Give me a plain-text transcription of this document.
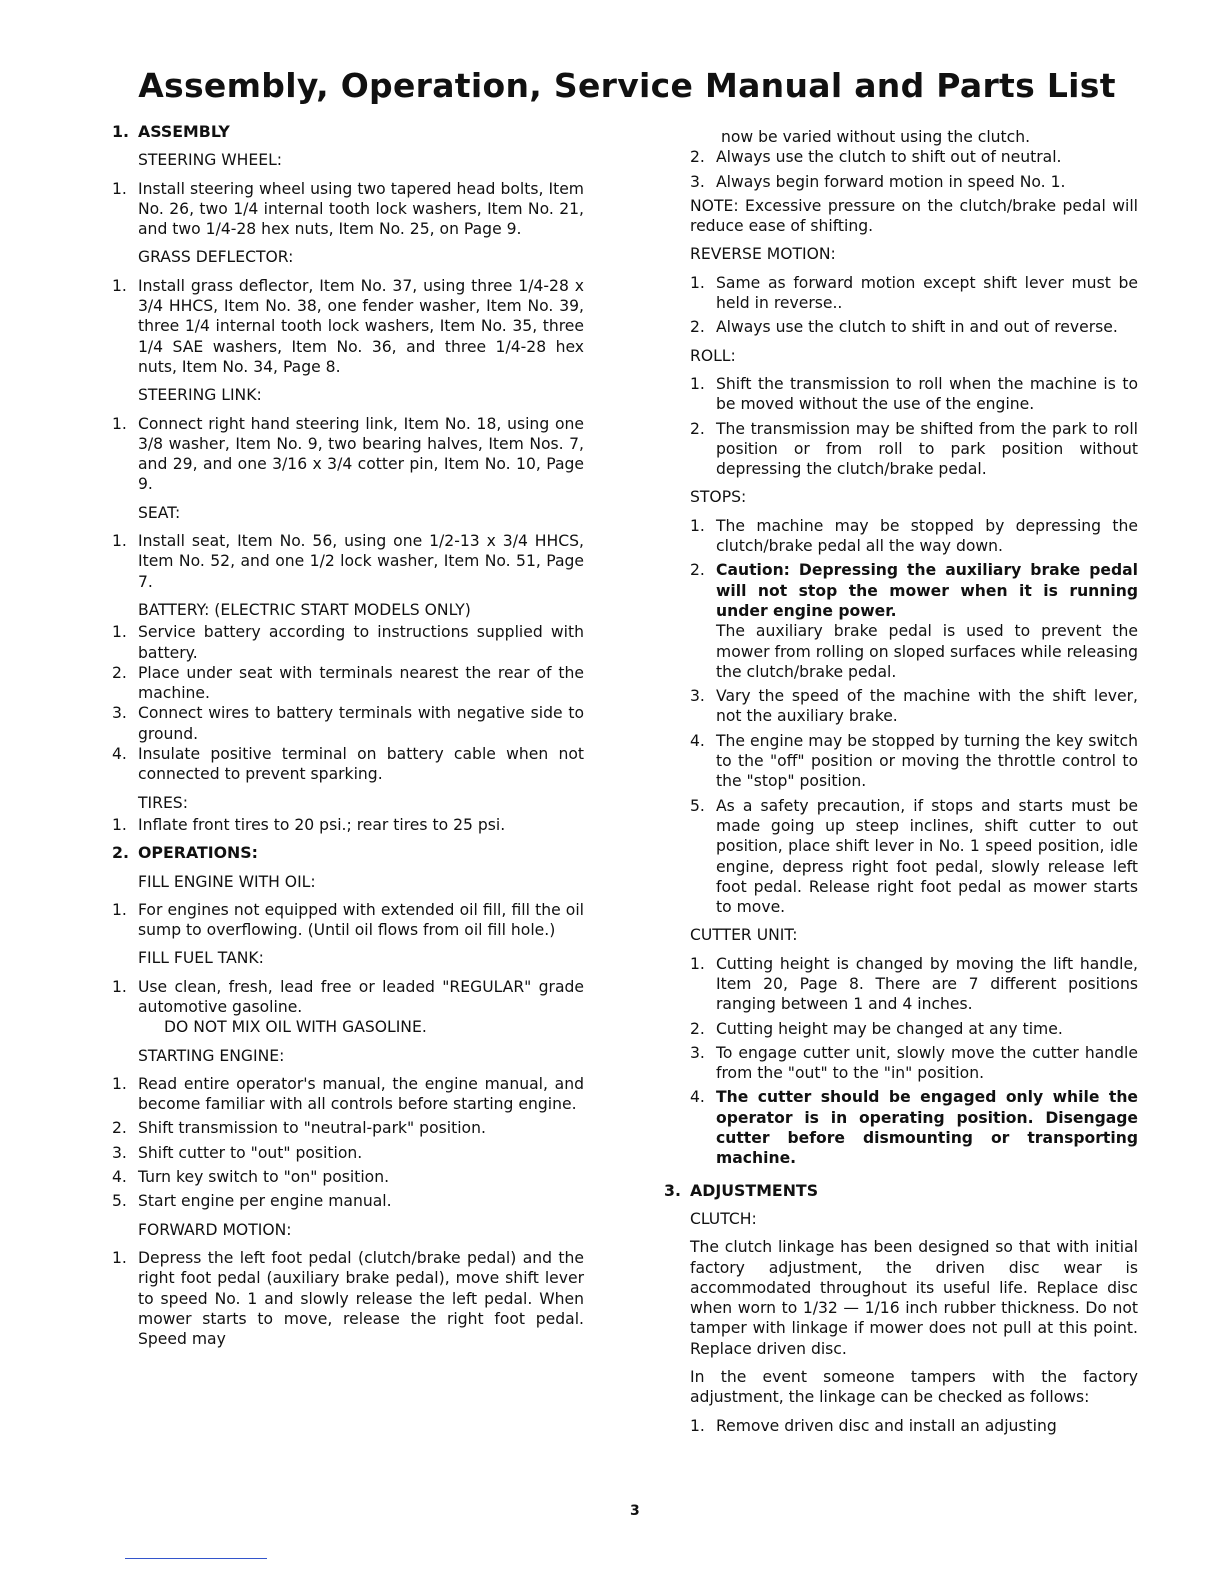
Assembly, Operation, Service Manual and Parts List
1. ASSEMBLY
STEERING WHEEL:
1. Install steering wheel using two tapered head bolts, Item No. 26, two 1/4 internal tooth lock washers, Item No. 21, and two 1/4-28 hex nuts, Item No. 25, on Page 9.
GRASS DEFLECTOR:
1. Install grass deflector, Item No. 37, using three 1/4-28 x 3/4 HHCS, Item No. 38, one fender washer, Item No. 39, three 1/4 internal tooth lock washers, Item No. 35, three 1/4 SAE washers, Item No. 36, and three 1/4-28 hex nuts, Item No. 34, Page 8.
STEERING LINK:
1. Connect right hand steering link, Item No. 18, using one 3/8 washer, Item No. 9, two bearing halves, Item Nos. 7, and 29, and one 3/16 x 3/4 cotter pin, Item No. 10, Page 9.
SEAT:
1. Install seat, Item No. 56, using one 1/2-13 x 3/4 HHCS, Item No. 52, and one 1/2 lock washer, Item No. 51, Page 7.
BATTERY: (ELECTRIC START MODELS ONLY)
1. Service battery according to instructions supplied with battery.
2. Place under seat with terminals nearest the rear of the machine.
3. Connect wires to battery terminals with negative side to ground.
4. Insulate positive terminal on battery cable when not connected to prevent sparking.
TIRES:
1. Inflate front tires to 20 psi.; rear tires to 25 psi.
2. OPERATIONS:
FILL ENGINE WITH OIL:
1. For engines not equipped with extended oil fill, fill the oil sump to overflowing. (Until oil flows from oil fill hole.)
FILL FUEL TANK:
1. Use clean, fresh, lead free or leaded "REGULAR" grade automotive gasoline.
DO NOT MIX OIL WITH GASOLINE.
STARTING ENGINE:
1. Read entire operator's manual, the engine manual, and become familiar with all controls before starting engine.
2. Shift transmission to "neutral-park" position.
3. Shift cutter to "out" position.
4. Turn key switch to "on" position.
5. Start engine per engine manual.
FORWARD MOTION:
1. Depress the left foot pedal (clutch/brake pedal) and the right foot pedal (auxiliary brake pedal), move shift lever to speed No. 1 and slowly release the left pedal. When mower starts to move, release the right foot pedal. Speed may
now be varied without using the clutch.
2. Always use the clutch to shift out of neutral.
3. Always begin forward motion in speed No. 1.
NOTE: Excessive pressure on the clutch/brake pedal will reduce ease of shifting.
REVERSE MOTION:
1. Same as forward motion except shift lever must be held in reverse..
2. Always use the clutch to shift in and out of reverse.
ROLL:
1. Shift the transmission to roll when the machine is to be moved without the use of the engine.
2. The transmission may be shifted from the park to roll position or from roll to park position without depressing the clutch/brake pedal.
STOPS:
1. The machine may be stopped by depressing the clutch/brake pedal all the way down.
2. Caution: Depressing the auxiliary brake pedal will not stop the mower when it is running under engine power.
The auxiliary brake pedal is used to prevent the mower from rolling on sloped surfaces while releasing the clutch/brake pedal.
3. Vary the speed of the machine with the shift lever, not the auxiliary brake.
4. The engine may be stopped by turning the key switch to the "off" position or moving the throttle control to the "stop" position.
5. As a safety precaution, if stops and starts must be made going up steep inclines, shift cutter to out position, place shift lever in No. 1 speed position, idle engine, depress right foot pedal, slowly release left foot pedal. Release right foot pedal as mower starts to move.
CUTTER UNIT:
1. Cutting height is changed by moving the lift handle, Item 20, Page 8. There are 7 different positions ranging between 1 and 4 inches.
2. Cutting height may be changed at any time.
3. To engage cutter unit, slowly move the cutter handle from the "out" to the "in" position.
4. The cutter should be engaged only while the operator is in operating position. Disengage cutter before dismounting or transporting machine.
3. ADJUSTMENTS
CLUTCH:
The clutch linkage has been designed so that with initial factory adjustment, the driven disc wear is accommodated throughout its useful life. Replace disc when worn to 1/32 — 1/16 inch rubber thickness. Do not tamper with linkage if mower does not pull at this point. Replace driven disc.
In the event someone tampers with the factory adjustment, the linkage can be checked as follows:
1. Remove driven disc and install an adjusting
3
